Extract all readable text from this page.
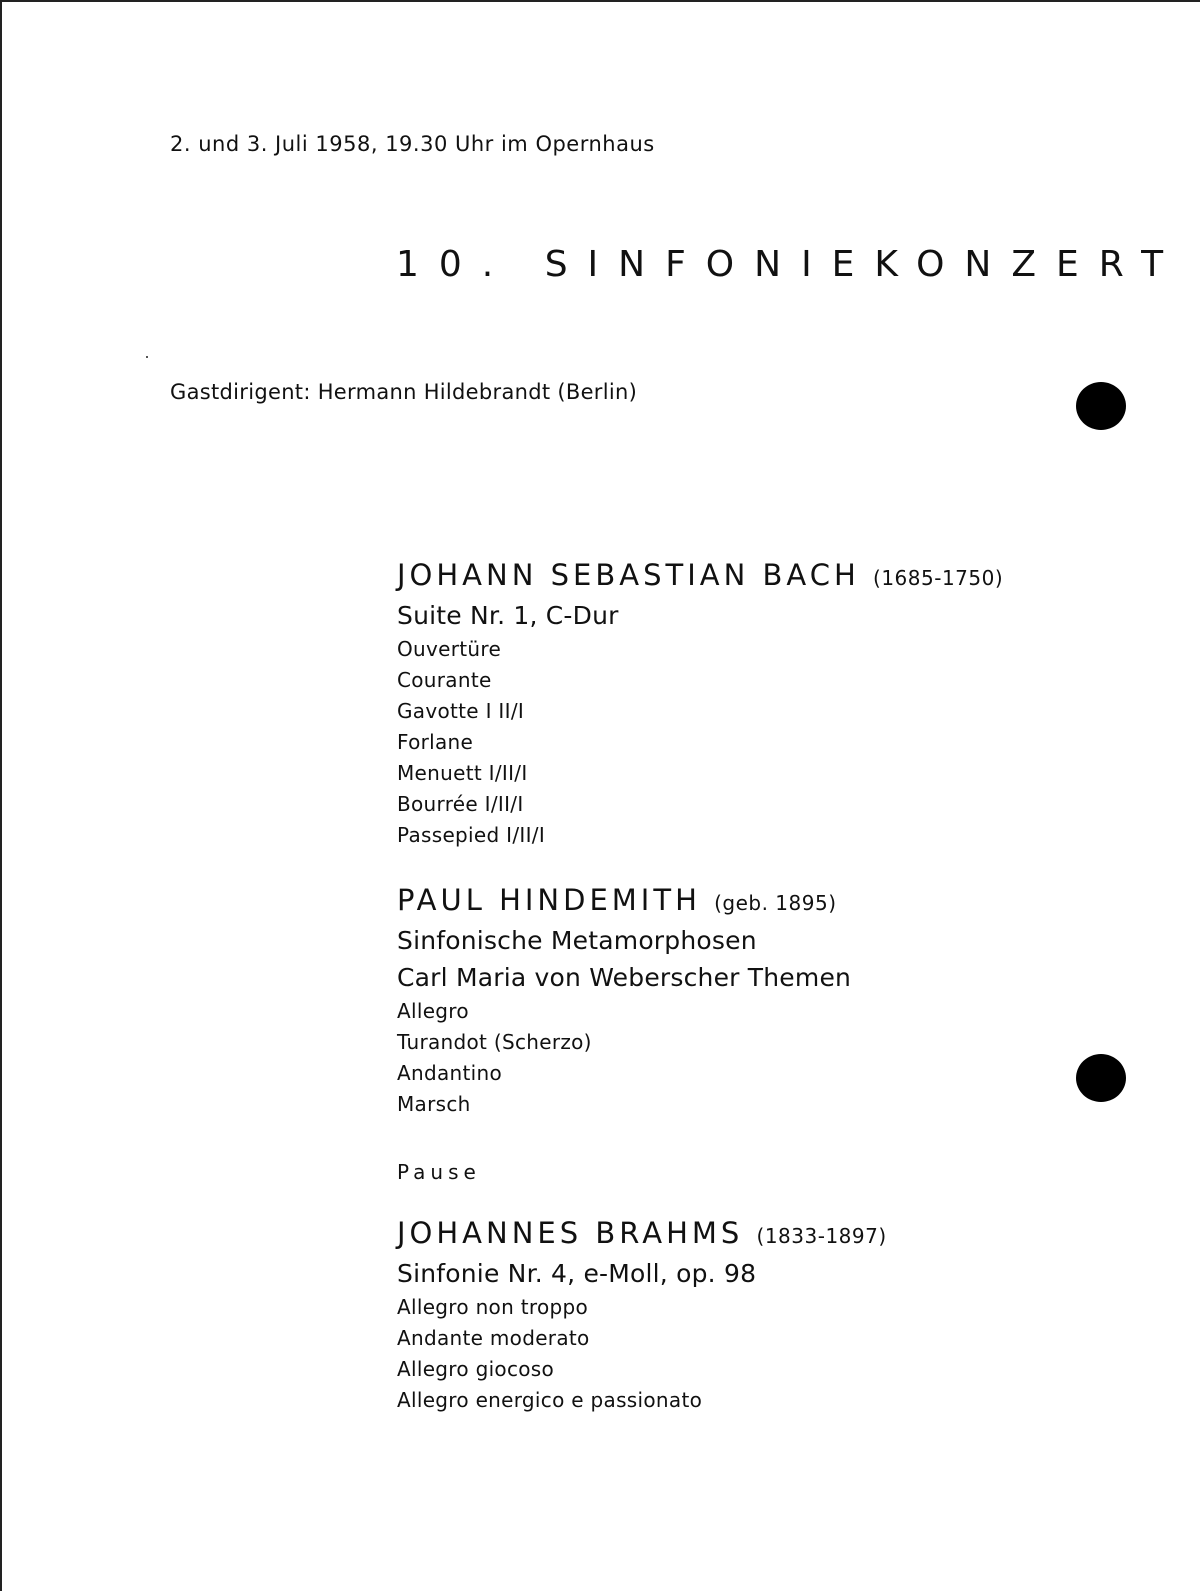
2. und 3. Juli 1958, 19.30 Uhr im Opernhaus
10. SINFONIEKONZERT
Gastdirigent: Hermann Hildebrandt (Berlin)
JOHANN SEBASTIAN BACH (1685-1750)
Suite Nr. 1, C-Dur
Ouvertüre
Courante
Gavotte I II/I
Forlane
Menuett I/II/I
Bourrée I/II/I
Passepied I/II/I
PAUL HINDEMITH (geb. 1895)
Sinfonische Metamorphosen
Carl Maria von Weberscher Themen
Allegro
Turandot (Scherzo)
Andantino
Marsch
Pause
JOHANNES BRAHMS (1833-1897)
Sinfonie Nr. 4, e-Moll, op. 98
Allegro non troppo
Andante moderato
Allegro giocoso
Allegro energico e passionato
